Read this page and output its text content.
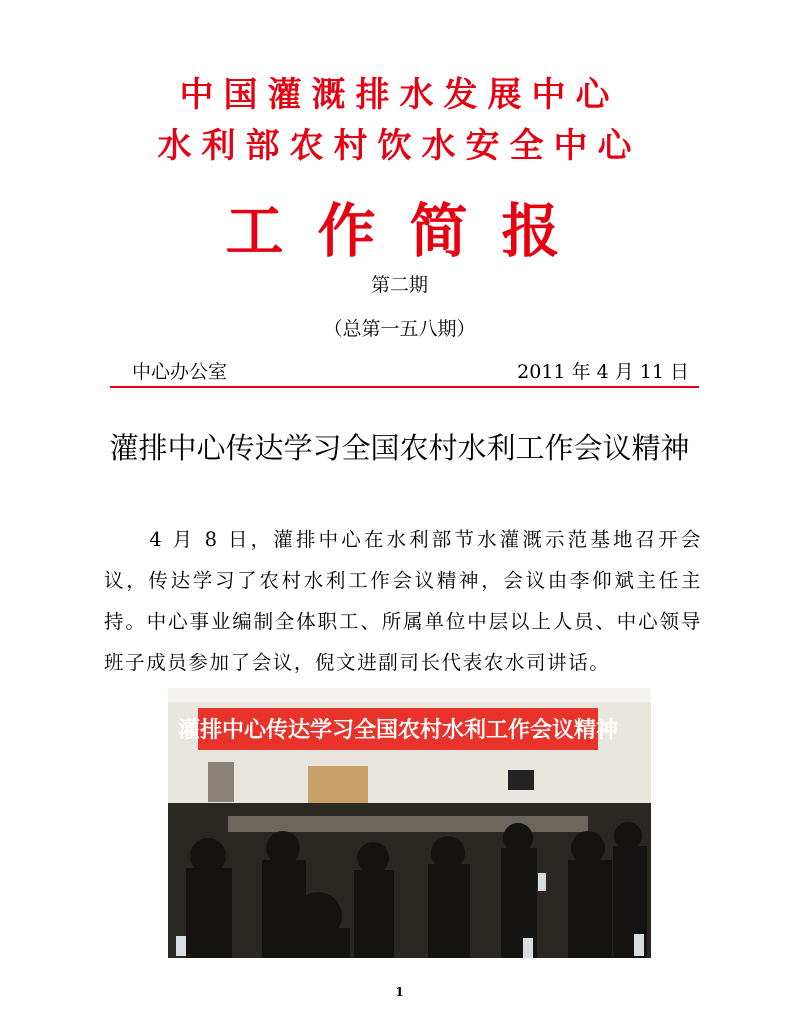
中国灌溉排水发展中心
水利部农村饮水安全中心
工作简报
第二期
（总第一五八期）
中心办公室	2011 年 4 月 11 日
灌排中心传达学习全国农村水利工作会议精神
　　4 月 8 日，灌排中心在水利部节水灌溉示范基地召开会议，传达学习了农村水利工作会议精神，会议由李仰斌主任主持。中心事业编制全体职工、所属单位中层以上人员、中心领导班子成员参加了会议，倪文进副司长代表农水司讲话。
灌排中心传达学习全国农村水利工作会议精神
1
